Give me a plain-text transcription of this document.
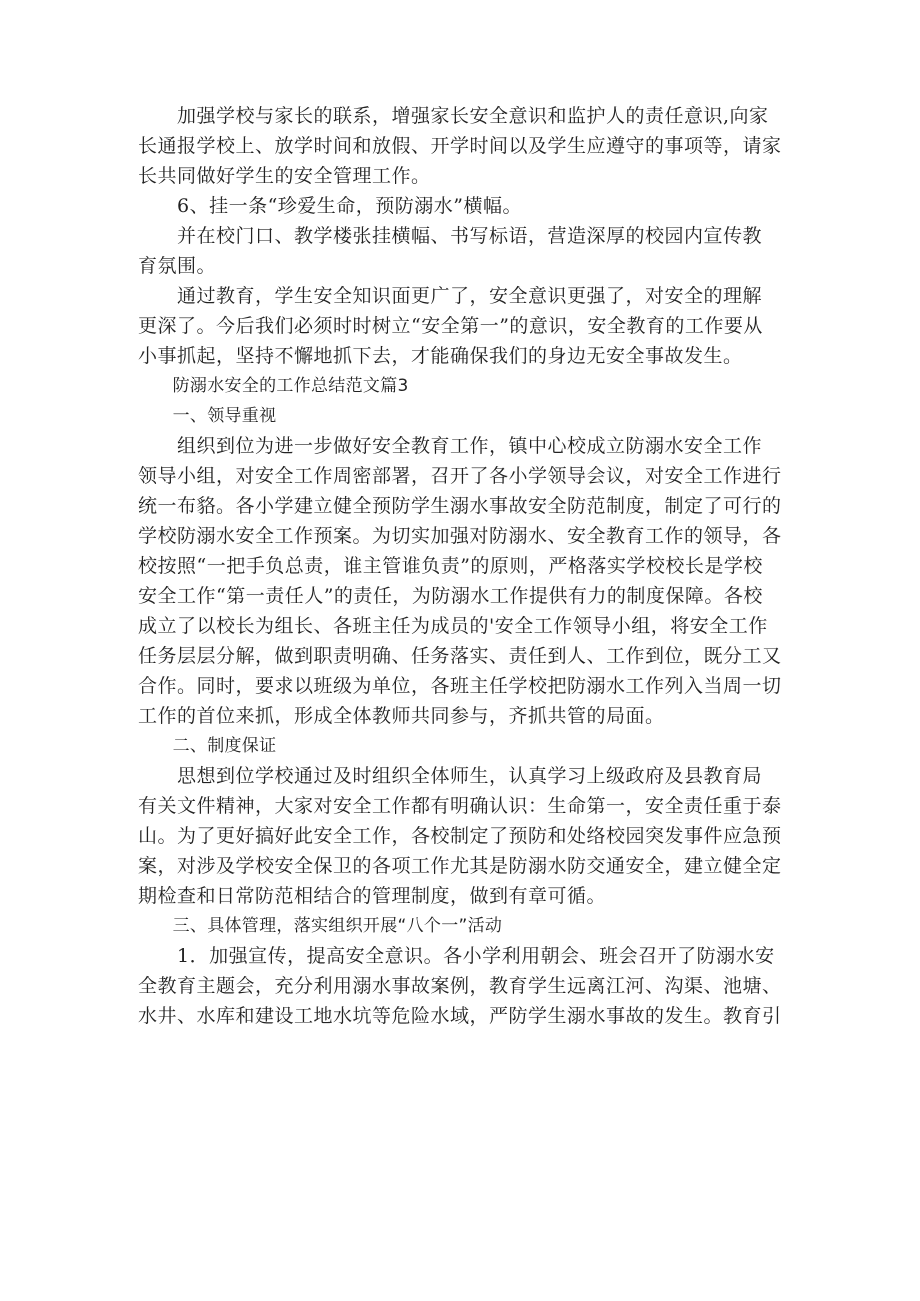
　　加强学校与家长的联系，增强家长安全意识和监护人的责任意识,向家
长通报学校上、放学时间和放假、开学时间以及学生应遵守的事项等，请家
长共同做好学生的安全管理工作。
　　6、挂一条“珍爱生命，预防溺水”横幅。
　　并在校门口、教学楼张挂横幅、书写标语，营造深厚的校园内宣传教
育氛围。
　　通过教育，学生安全知识面更广了，安全意识更强了，对安全的理解
更深了。今后我们必须时时树立“安全第一”的意识，安全教育的工作要从
小事抓起，坚持不懈地抓下去，才能确保我们的身边无安全事故发生。
　　防溺水安全的工作总结范文篇3
　　一、领导重视
　　组织到位为进一步做好安全教育工作，镇中心校成立防溺水安全工作
领导小组，对安全工作周密部署，召开了各小学领导会议，对安全工作进行
统一布貉。各小学建立健全预防学生溺水事故安全防范制度，制定了可行的
学校防溺水安全工作预案。为切实加强对防溺水、安全教育工作的领导，各
校按照“一把手负总责，谁主管谁负责”的原则，严格落实学校校长是学校
安全工作“第一责任人”的责任，为防溺水工作提供有力的制度保障。各校
成立了以校长为组长、各班主任为成员的'安全工作领导小组，将安全工作
任务层层分解，做到职责明确、任务落实、责任到人、工作到位，既分工又
合作。同时，要求以班级为单位，各班主任学校把防溺水工作列入当周一切
工作的首位来抓，形成全体教师共同参与，齐抓共管的局面。
　　二、制度保证
　　思想到位学校通过及时组织全体师生，认真学习上级政府及县教育局
有关文件精神，大家对安全工作都有明确认识：生命第一，安全责任重于泰
山。为了更好搞好此安全工作，各校制定了预防和处络校园突发事件应急预
案，对涉及学校安全保卫的各项工作尤其是防溺水防交通安全，建立健全定
期检查和日常防范相结合的管理制度，做到有章可循。
　　三、具体管理，落实组织开展“八个一”活动
　　1．加强宣传，提高安全意识。各小学利用朝会、班会召开了防溺水安
全教育主题会，充分利用溺水事故案例，教育学生远离江河、沟渠、池塘、
水井、水库和建设工地水坑等危险水域，严防学生溺水事故的发生。教育引
